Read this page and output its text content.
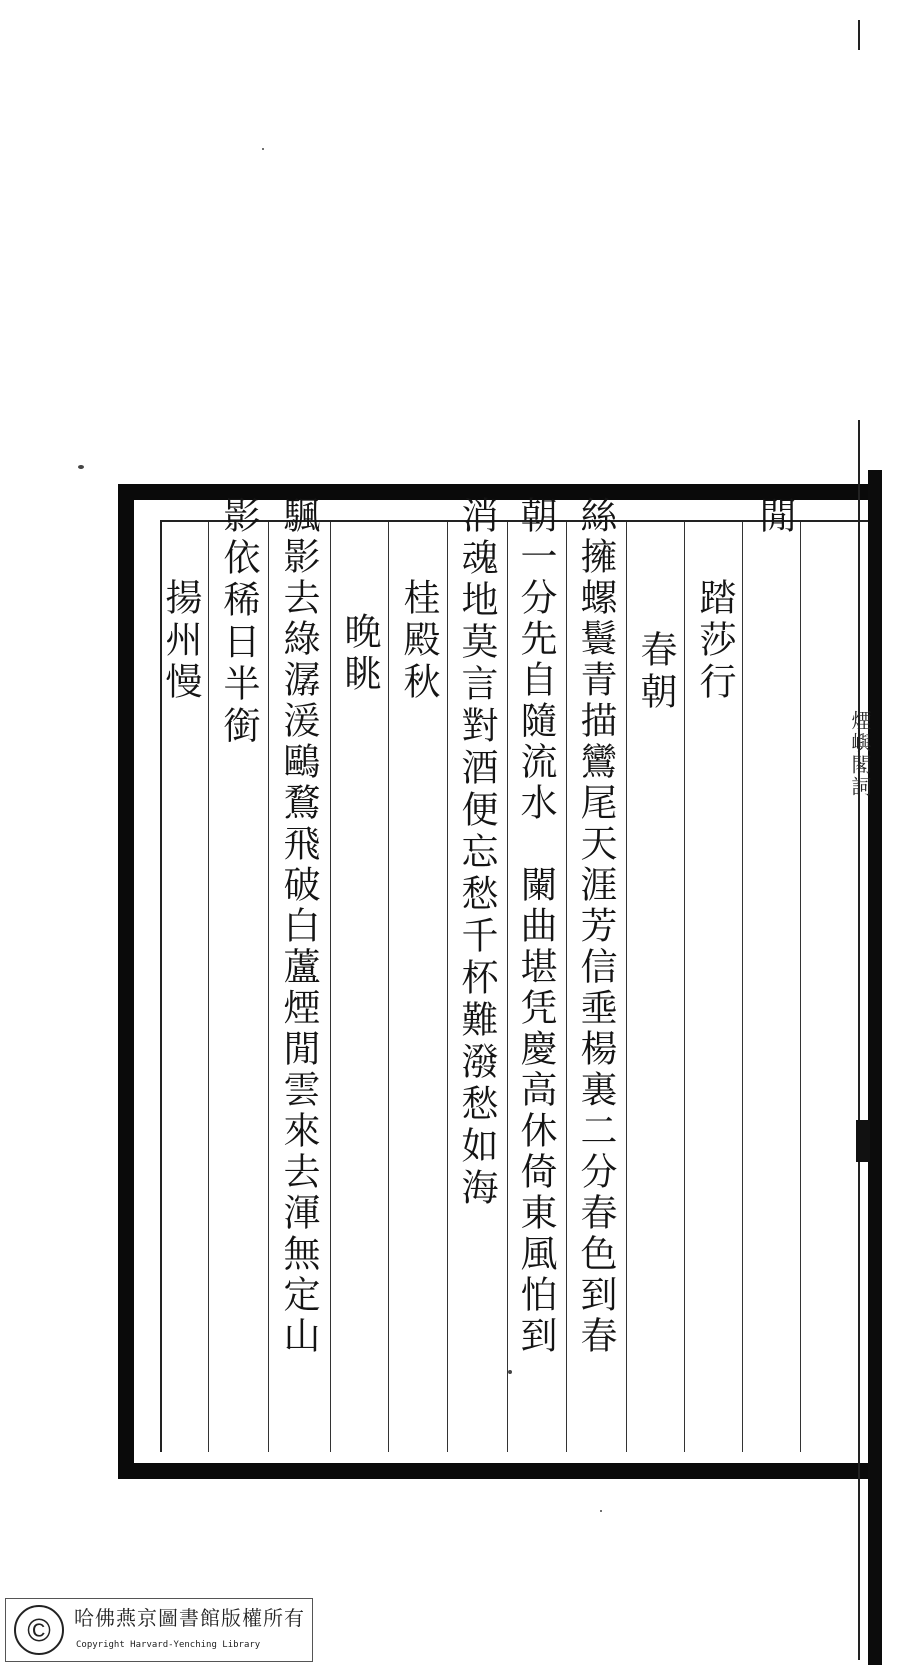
煙嶼閣詞
閒
踏莎行
春朝
絲擁螺鬟青描鸞尾天涯芳信埀楊裏二分春色到春
朝一分先自隨流水　闌曲堪凭慶高休倚東風怕到
消魂地莫言對酒便忘愁千杯難潑愁如海
桂殿秋
晚眺
颿影去綠潺湲鷗鶩飛破白蘆煙閒雲來去渾無定山
影依稀日半銜
揚州慢
©	哈佛燕京圖書館版權所有
Copyright Harvard-Yenching Library
